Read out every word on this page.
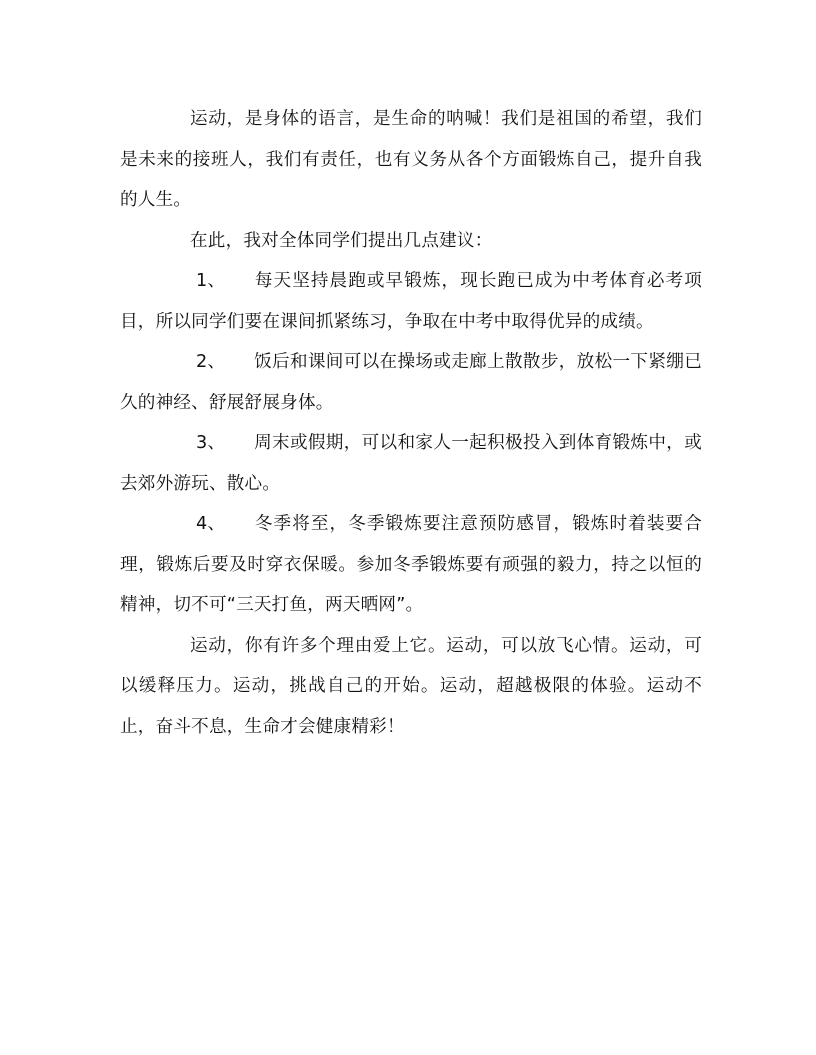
运动，是身体的语言，是生命的呐喊！我们是祖国的希望，我们是未来的接班人，我们有责任，也有义务从各个方面锻炼自己，提升自我的人生。

在此，我对全体同学们提出几点建议：

1、 每天坚持晨跑或早锻炼，现长跑已成为中考体育必考项目，所以同学们要在课间抓紧练习，争取在中考中取得优异的成绩。

2、 饭后和课间可以在操场或走廊上散散步，放松一下紧绷已久的神经、舒展舒展身体。

3、 周末或假期，可以和家人一起积极投入到体育锻炼中，或去郊外游玩、散心。

4、 冬季将至，冬季锻炼要注意预防感冒，锻炼时着装要合理，锻炼后要及时穿衣保暖。参加冬季锻炼要有顽强的毅力，持之以恒的精神，切不可“三天打鱼，两天晒网”。

运动，你有许多个理由爱上它。运动，可以放飞心情。运动，可以缓释压力。运动，挑战自己的开始。运动，超越极限的体验。运动不止，奋斗不息，生命才会健康精彩！
